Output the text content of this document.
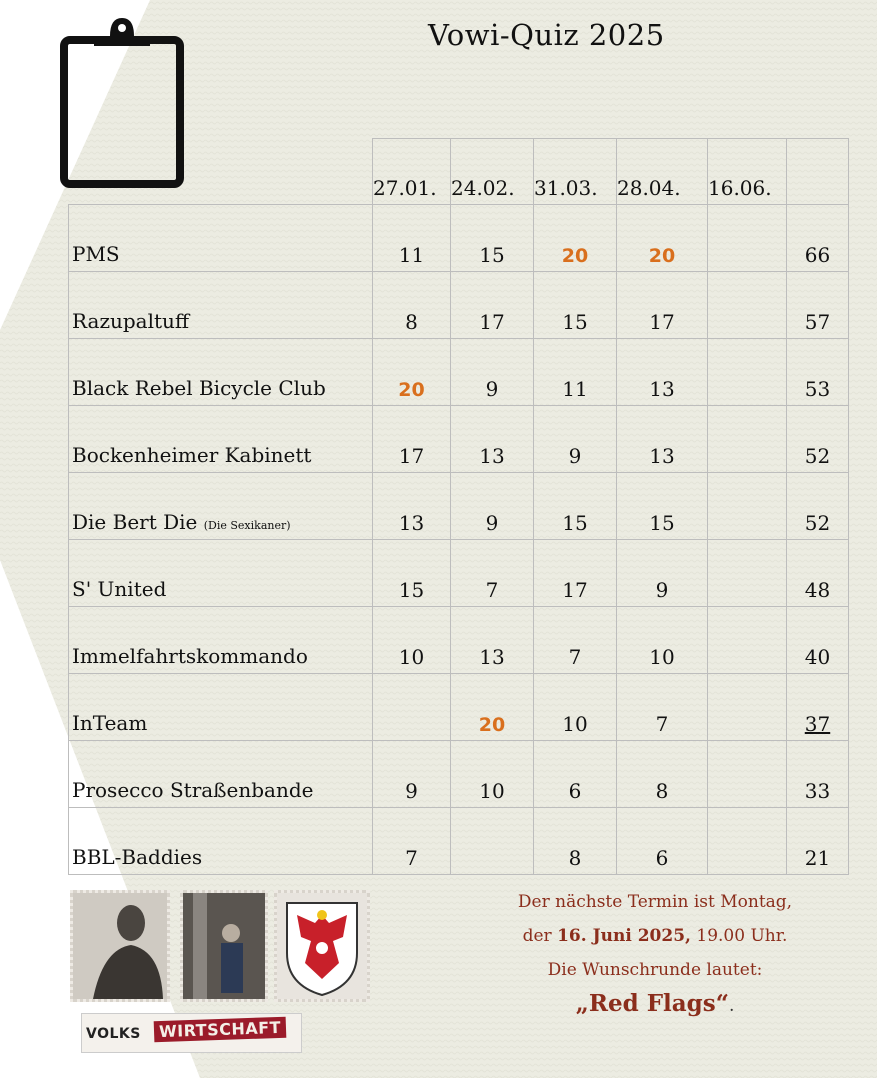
Vowi-Quiz 2025
	27.01.	24.02.	31.03.	28.04.	16.06.	
PMS	11	15	20	20		66
Razupaltuff	8	17	15	17		57
Black Rebel Bicycle Club	20	9	11	13		53
Bockenheimer Kabinett	17	13	9	13		52
Die Bert Die (Die Sexikaner)	13	9	15	15		52
S' United	15	7	17	9		48
Immelfahrtskommando	10	13	7	10		40
InTeam		20	10	7		37
Prosecco Straßenbande	9	10	6	8		33
BBL-Baddies	7		8	6		21
VOLKS	WIRTSCHAFT
Der nächste Termin ist Montag,
der 16. Juni 2025, 19.00 Uhr.
Die Wunschrunde lautet:
„Red Flags“.
